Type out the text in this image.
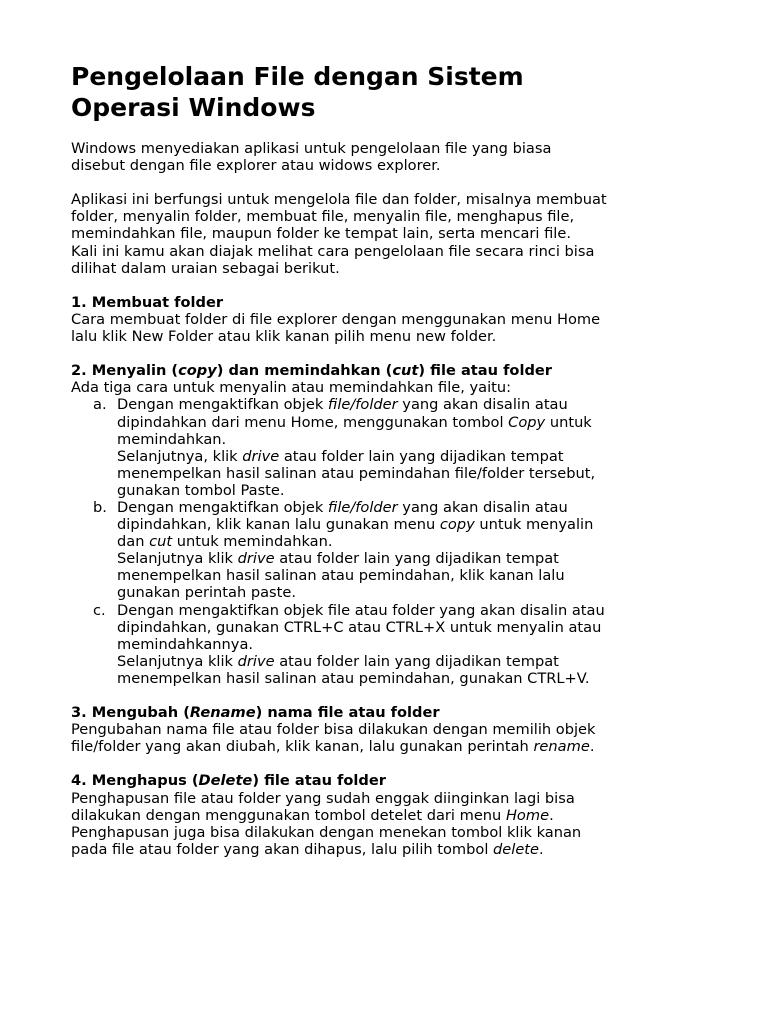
Pengelolaan File dengan Sistem
Operasi Windows
Windows menyediakan aplikasi untuk pengelolaan file yang biasa
disebut dengan file explorer atau widows explorer.
Aplikasi ini berfungsi untuk mengelola file dan folder, misalnya membuat
folder, menyalin folder, membuat file, menyalin file, menghapus file,
memindahkan file, maupun folder ke tempat lain, serta mencari file.
Kali ini kamu akan diajak melihat cara pengelolaan file secara rinci bisa
dilihat dalam uraian sebagai berikut.
1. Membuat folder
Cara membuat folder di file explorer dengan menggunakan menu Home
lalu klik New Folder atau klik kanan pilih menu new folder.
2. Menyalin (copy) dan memindahkan (cut) file atau folder
Ada tiga cara untuk menyalin atau memindahkan file, yaitu:
a. Dengan mengaktifkan objek file/folder yang akan disalin atau
dipindahkan dari menu Home, menggunakan tombol Copy untuk
memindahkan.
Selanjutnya, klik drive atau folder lain yang dijadikan tempat
menempelkan hasil salinan atau pemindahan file/folder tersebut,
gunakan tombol Paste.
b. Dengan mengaktifkan objek file/folder yang akan disalin atau
dipindahkan, klik kanan lalu gunakan menu copy untuk menyalin
dan cut untuk memindahkan.
Selanjutnya klik drive atau folder lain yang dijadikan tempat
menempelkan hasil salinan atau pemindahan, klik kanan lalu
gunakan perintah paste.
c. Dengan mengaktifkan objek file atau folder yang akan disalin atau
dipindahkan, gunakan CTRL+C atau CTRL+X untuk menyalin atau
memindahkannya.
Selanjutnya klik drive atau folder lain yang dijadikan tempat
menempelkan hasil salinan atau pemindahan, gunakan CTRL+V.
3. Mengubah (Rename) nama file atau folder
Pengubahan nama file atau folder bisa dilakukan dengan memilih objek
file/folder yang akan diubah, klik kanan, lalu gunakan perintah rename.
4. Menghapus (Delete) file atau folder
Penghapusan file atau folder yang sudah enggak diinginkan lagi bisa
dilakukan dengan menggunakan tombol detelet dari menu Home.
Penghapusan juga bisa dilakukan dengan menekan tombol klik kanan
pada file atau folder yang akan dihapus, lalu pilih tombol delete.
